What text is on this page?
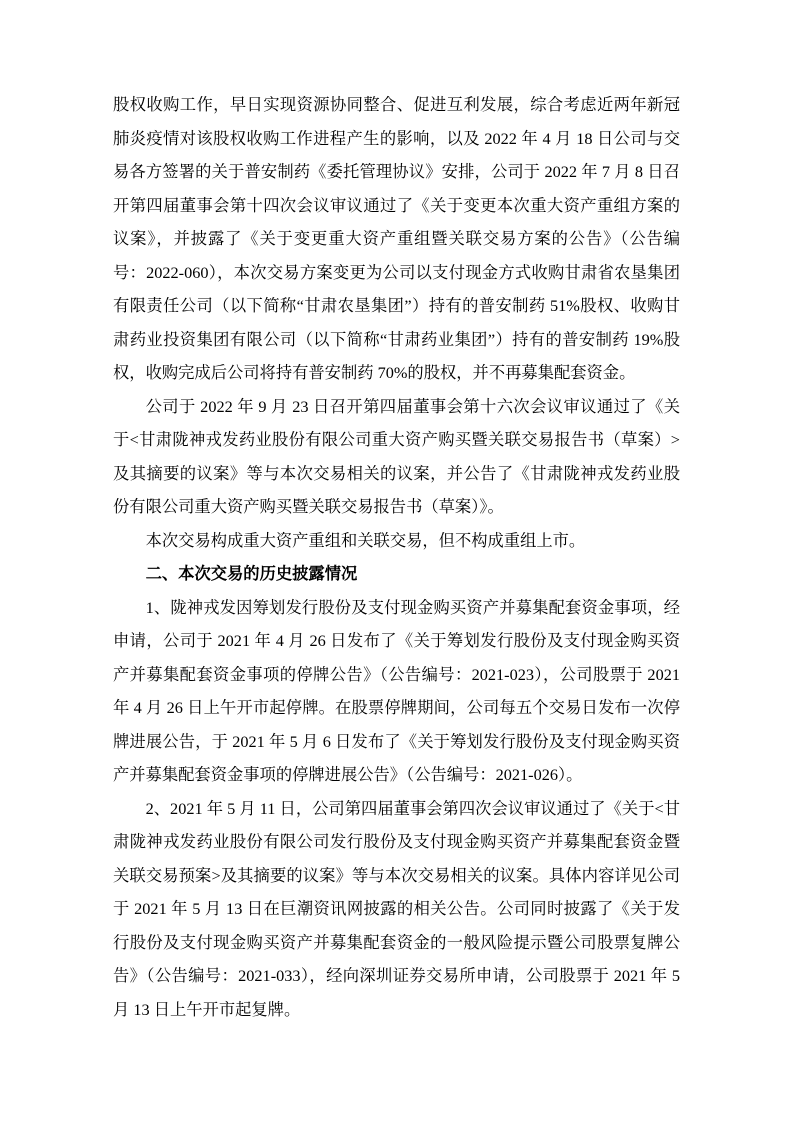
股权收购工作，早日实现资源协同整合、促进互利发展，综合考虑近两年新冠肺炎疫情对该股权收购工作进程产生的影响，以及 2022 年 4 月 18 日公司与交易各方签署的关于普安制药《委托管理协议》安排，公司于 2022 年 7 月 8 日召开第四届董事会第十四次会议审议通过了《关于变更本次重大资产重组方案的议案》，并披露了《关于变更重大资产重组暨关联交易方案的公告》（公告编号：2022-060），本次交易方案变更为公司以支付现金方式收购甘肃省农垦集团有限责任公司（以下简称“甘肃农垦集团”）持有的普安制药 51%股权、收购甘肃药业投资集团有限公司（以下简称“甘肃药业集团”）持有的普安制药 19%股权，收购完成后公司将持有普安制药 70%的股权，并不再募集配套资金。

公司于 2022 年 9 月 23 日召开第四届董事会第十六次会议审议通过了《关于<甘肃陇神戎发药业股份有限公司重大资产购买暨关联交易报告书（草案）>及其摘要的议案》等与本次交易相关的议案，并公告了《甘肃陇神戎发药业股份有限公司重大资产购买暨关联交易报告书（草案）》。

本次交易构成重大资产重组和关联交易，但不构成重组上市。

二、本次交易的历史披露情况

1、陇神戎发因筹划发行股份及支付现金购买资产并募集配套资金事项，经申请，公司于 2021 年 4 月 26 日发布了《关于筹划发行股份及支付现金购买资产并募集配套资金事项的停牌公告》（公告编号：2021-023），公司股票于 2021 年 4 月 26 日上午开市起停牌。在股票停牌期间，公司每五个交易日发布一次停牌进展公告，于 2021 年 5 月 6 日发布了《关于筹划发行股份及支付现金购买资产并募集配套资金事项的停牌进展公告》（公告编号：2021-026）。

2、2021 年 5 月 11 日，公司第四届董事会第四次会议审议通过了《关于<甘肃陇神戎发药业股份有限公司发行股份及支付现金购买资产并募集配套资金暨关联交易预案>及其摘要的议案》等与本次交易相关的议案。具体内容详见公司于 2021 年 5 月 13 日在巨潮资讯网披露的相关公告。公司同时披露了《关于发行股份及支付现金购买资产并募集配套资金的一般风险提示暨公司股票复牌公告》（公告编号：2021-033），经向深圳证券交易所申请，公司股票于 2021 年 5 月 13 日上午开市起复牌。
